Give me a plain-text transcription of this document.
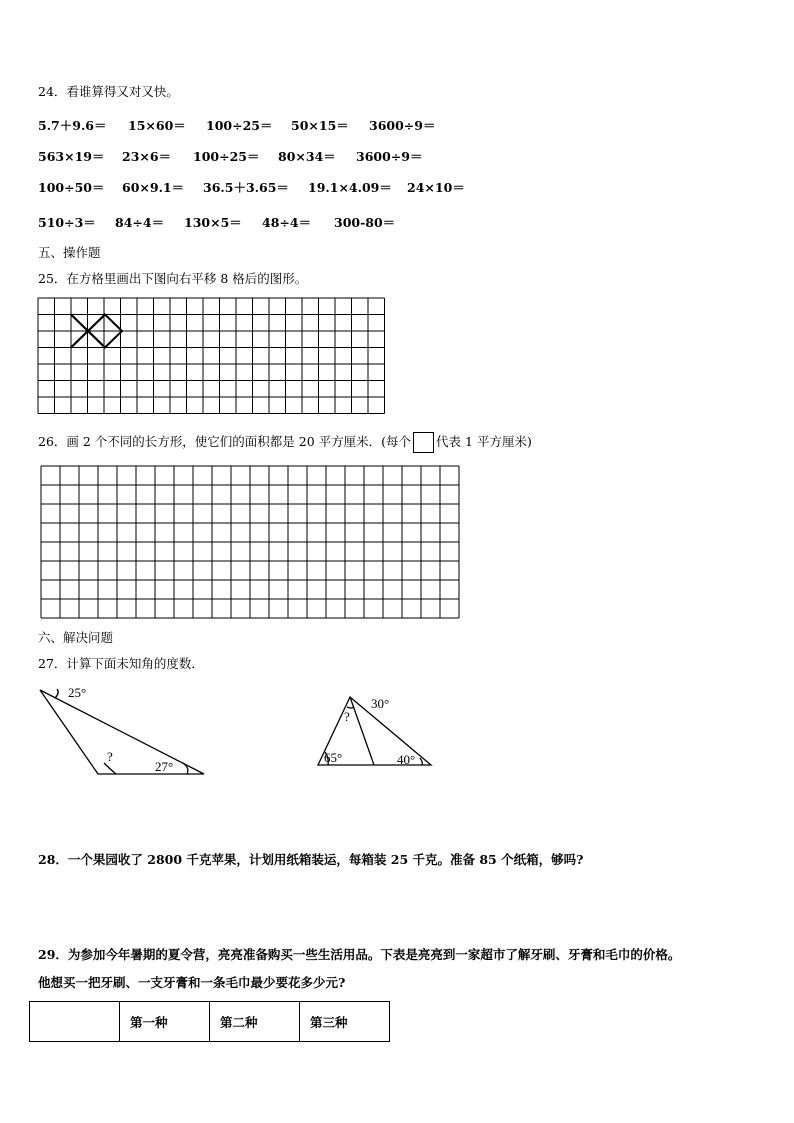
24．看谁算得又对又快。
5.7＋9.6＝ 15×60＝ 100÷25＝ 50×15＝ 3600÷9＝
563×19＝ 23×6＝ 100÷25＝ 80×34＝ 3600÷9＝
100÷50＝ 60×9.1＝ 36.5＋3.65＝ 19.1×4.09＝ 24×10＝
510÷3＝ 84÷4＝ 130×5＝ 48÷4＝ 300-80＝
五、操作题
25．在方格里画出下图向右平移 8 格后的图形。
26．画 2 个不同的长方形，使它们的面积都是 20 平方厘米．(每个 代表 1 平方厘米)
六、解决问题
27．计算下面未知角的度数．
25°
27°
?
30°
?
65°	40°
28．一个果园收了 2800 千克苹果，计划用纸箱装运，每箱装 25 千克。准备 85 个纸箱，够吗?
29．为参加今年暑期的夏令营，亮亮准备购买一些生活用品。下表是亮亮到一家超市了解牙刷、牙膏和毛巾的价格。
他想买一把牙刷、一支牙膏和一条毛巾最少要花多少元?
	第一种	第二种	第三种
